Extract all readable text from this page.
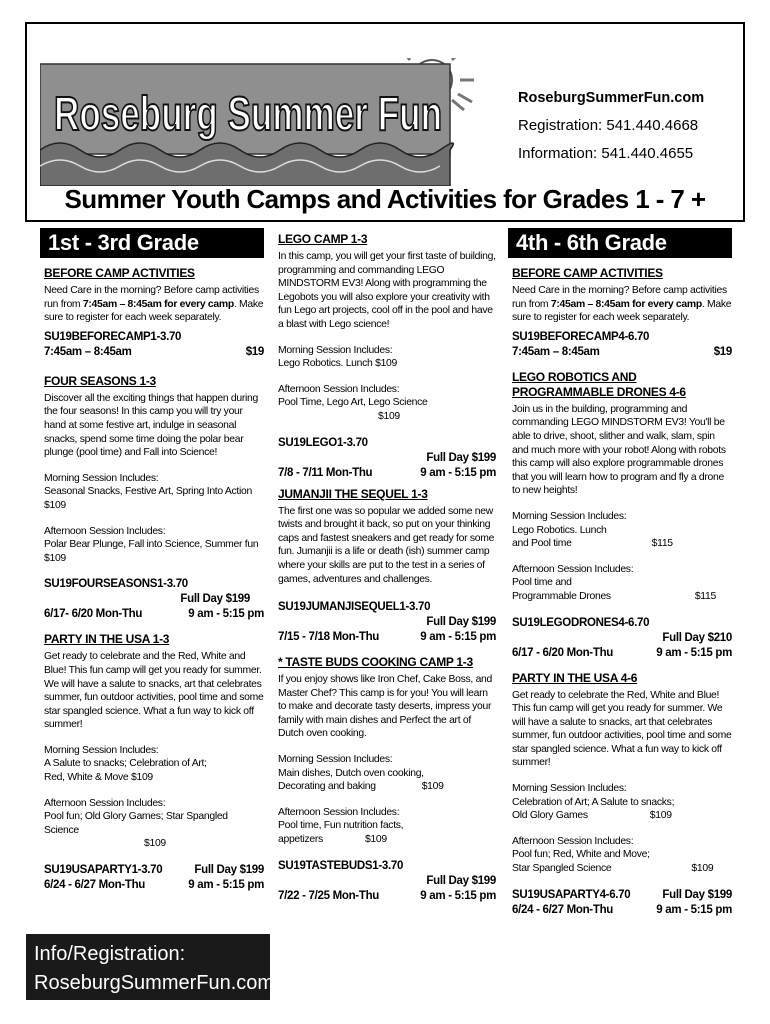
Roseburg Summer Fun	RoseburgSummerFun.com
Registration: 541.440.4668
Information: 541.440.4655
Summer Youth Camps and Activities for Grades 1 - 7 +
1st - 3rd Grade
BEFORE CAMP ACTIVITIES
Need Care in the morning? Before camp activities run from 7:45am – 8:45am for every camp. Make sure to register for each week separately.
SU19BEFORECAMP1-3.70
7:45am – 8:45am	$19
FOUR SEASONS 1-3
Discover all the exciting things that happen during the four seasons! In this camp you will try your hand at some festive art, indulge in seasonal snacks, spend some time doing the polar bear plunge (pool time) and Fall into Science!
Morning Session Includes:
Seasonal Snacks, Festive Art, Spring Into Action
$109
Afternoon Session Includes:
Polar Bear Plunge, Fall into Science, Summer fun
$109
SU19FOURSEASONS1-3.70
Full Day $199
6/17- 6/20 Mon-Thu	9 am - 5:15 pm
PARTY IN THE USA 1-3
Get ready to celebrate and the Red, White and Blue! This fun camp will get you ready for summer. We will have a salute to snacks, art that celebrates summer, fun outdoor activities, pool time and some star spangled science. What a fun way to kick off summer!
Morning Session Includes:
A Salute to snacks; Celebration of Art;
Red, White & Move $109
Afternoon Session Includes:
Pool fun; Old Glory Games; Star Spangled Science
$109
SU19USAPARTY1-3.70	Full Day $199
6/24 - 6/27 Mon-Thu	9 am - 5:15 pm
LEGO CAMP 1-3
In this camp, you will get your first taste of building, programming and commanding LEGO MINDSTORM EV3! Along with programming the Legobots you will also explore your creativity with fun Lego art projects, cool off in the pool and have a blast with Lego science!
Morning Session Includes:
Lego Robotics. Lunch $109
Afternoon Session Includes:
Pool Time, Lego Art, Lego Science
$109
SU19LEGO1-3.70
Full Day $199
7/8 - 7/11 Mon-Thu	9 am - 5:15 pm
JUMANJII THE SEQUEL 1-3
The first one was so popular we added some new twists and brought it back, so put on your thinking caps and fastest sneakers and get ready for some fun. Jumanjii is a life or death (ish) summer camp where your skills are put to the test in a series of games, adventures and challenges.
SU19JUMANJISEQUEL1-3.70
Full Day $199
7/15 - 7/18 Mon-Thu	9 am - 5:15 pm
* TASTE BUDS COOKING CAMP 1-3
If you enjoy shows like Iron Chef, Cake Boss, and Master Chef? This camp is for you! You will learn to make and decorate tasty deserts, impress your family with main dishes and Perfect the art of Dutch oven cooking.
Morning Session Includes:
Main dishes, Dutch oven cooking,
Decorating and baking	$109
Afternoon Session Includes:
Pool time, Fun nutrition facts,
appetizers	$109
SU19TASTEBUDS1-3.70
Full Day $199
7/22 - 7/25 Mon-Thu	9 am - 5:15 pm
4th - 6th Grade
BEFORE CAMP ACTIVITIES
Need Care in the morning? Before camp activities run from 7:45am – 8:45am for every camp. Make sure to register for each week separately.
SU19BEFORECAMP4-6.70
7:45am – 8:45am	$19
LEGO ROBOTICS AND
PROGRAMMABLE DRONES 4-6
Join us in the building, programming and commanding LEGO MINDSTORM EV3! You'll be able to drive, shoot, slither and walk, slam, spin and much more with your robot! Along with robots this camp will also explore programmable drones that you will learn how to program and fly a drone to new heights!
Morning Session Includes:
Lego Robotics. Lunch
and Pool time	$115
Afternoon Session Includes:
Pool time and
Programmable Drones	$115
SU19LEGODRONES4-6.70
Full Day $210
6/17 - 6/20 Mon-Thu	9 am - 5:15 pm
PARTY IN THE USA 4-6
Get ready to celebrate the Red, White and Blue! This fun camp will get you ready for summer. We will have a salute to snacks, art that celebrates summer, fun outdoor activities, pool time and some star spangled science. What a fun way to kick off summer!
Morning Session Includes:
Celebration of Art; A Salute to snacks;
Old Glory Games	$109
Afternoon Session Includes:
Pool fun; Red, White and Move;
Star Spangled Science	$109
SU19USAPARTY4-6.70	Full Day $199
6/24 - 6/27 Mon-Thu	9 am - 5:15 pm
Info/Registration:
RoseburgSummerFun.com
